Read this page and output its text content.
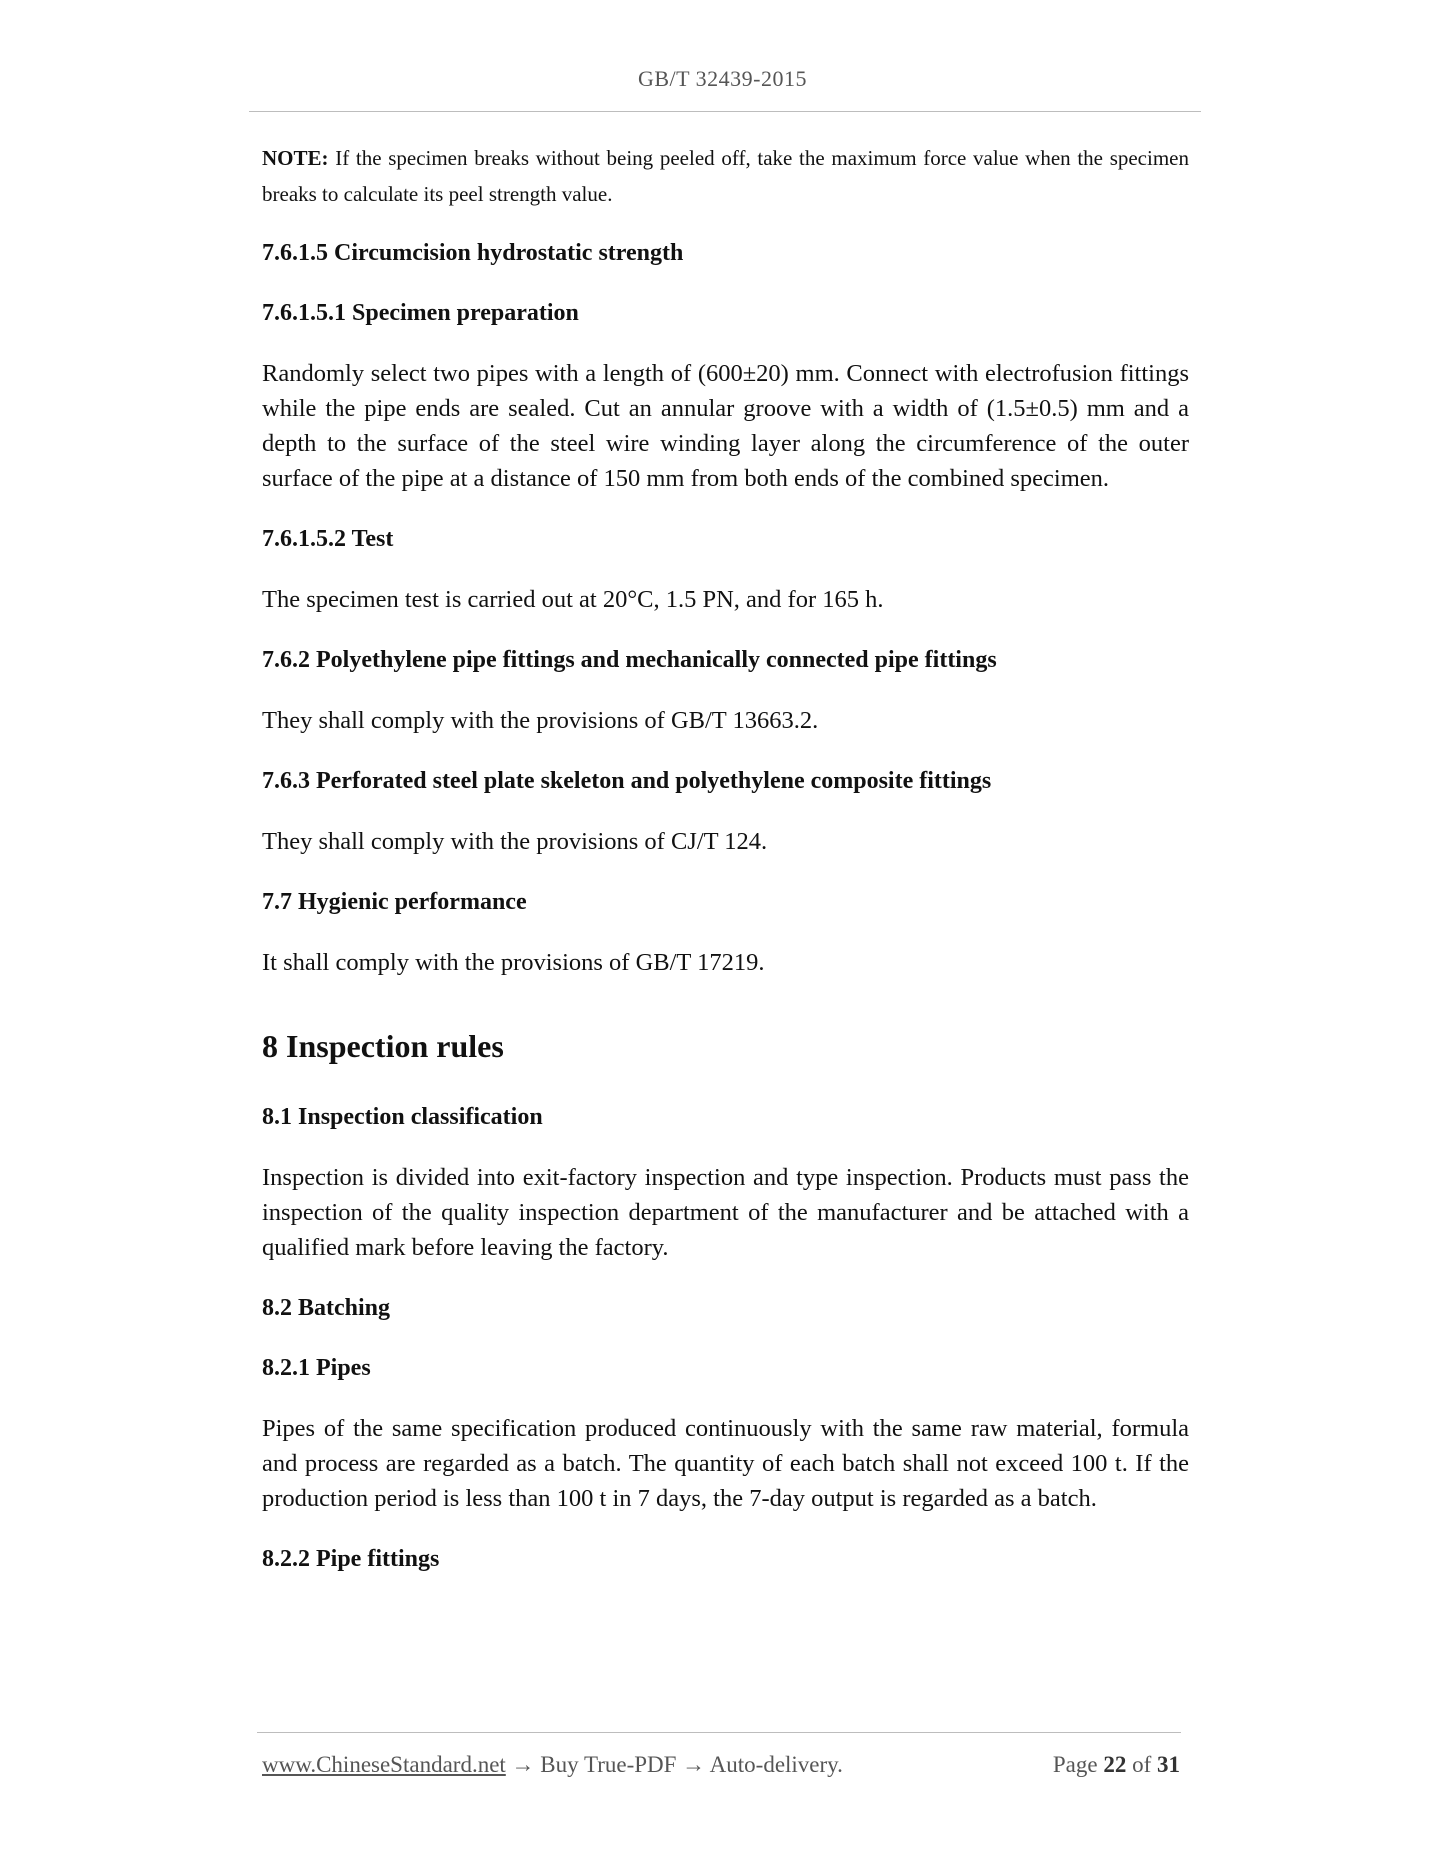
GB/T 32439-2015
NOTE: If the specimen breaks without being peeled off, take the maximum force value when the specimen breaks to calculate its peel strength value.
7.6.1.5 Circumcision hydrostatic strength
7.6.1.5.1 Specimen preparation

Randomly select two pipes with a length of (600±20) mm. Connect with electrofusion fittings while the pipe ends are sealed. Cut an annular groove with a width of (1.5±0.5) mm and a depth to the surface of the steel wire winding layer along the circumference of the outer surface of the pipe at a distance of 150 mm from both ends of the combined specimen.

7.6.1.5.2 Test

The specimen test is carried out at 20°C, 1.5 PN, and for 165 h.

7.6.2 Polyethylene pipe fittings and mechanically connected pipe fittings

They shall comply with the provisions of GB/T 13663.2.

7.6.3 Perforated steel plate skeleton and polyethylene composite fittings

They shall comply with the provisions of CJ/T 124.

7.7 Hygienic performance

It shall comply with the provisions of GB/T 17219.

8 Inspection rules
8.1 Inspection classification

Inspection is divided into exit-factory inspection and type inspection. Products must pass the inspection of the quality inspection department of the manufacturer and be attached with a qualified mark before leaving the factory.

8.2 Batching
8.2.1 Pipes

Pipes of the same specification produced continuously with the same raw material, formula and process are regarded as a batch. The quantity of each batch shall not exceed 100 t. If the production period is less than 100 t in 7 days, the 7-day output is regarded as a batch.

8.2.2 Pipe fittings
www.ChineseStandard.net → Buy True-PDF → Auto-delivery.	Page 22 of 31
